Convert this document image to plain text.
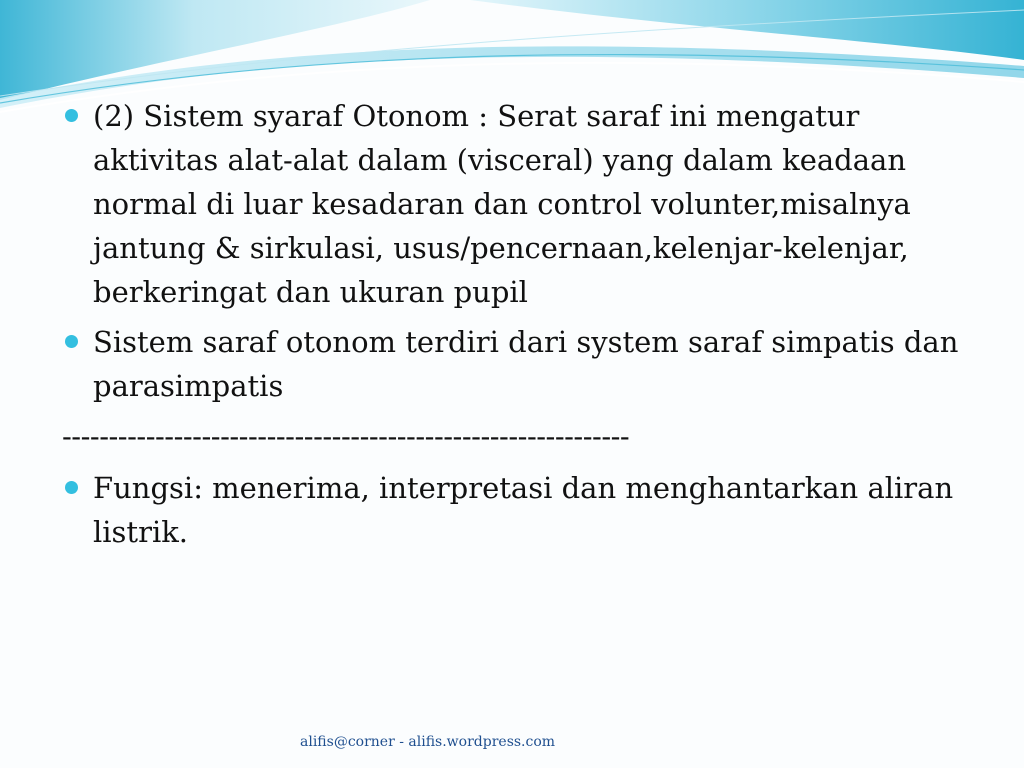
(2) Sistem syaraf Otonom : Serat saraf ini mengatur aktivitas alat-alat dalam (visceral) yang dalam keadaan normal di luar kesadaran dan control volunter,misalnya jantung & sirkulasi, usus/pencernaan,kelenjar-kelenjar, berkeringat dan ukuran pupil
Sistem saraf otonom terdiri dari system saraf simpatis dan parasimpatis
-------------------------------------------------------------
Fungsi: menerima, interpretasi dan menghantarkan aliran listrik.
alifis@corner - alifis.wordpress.com
